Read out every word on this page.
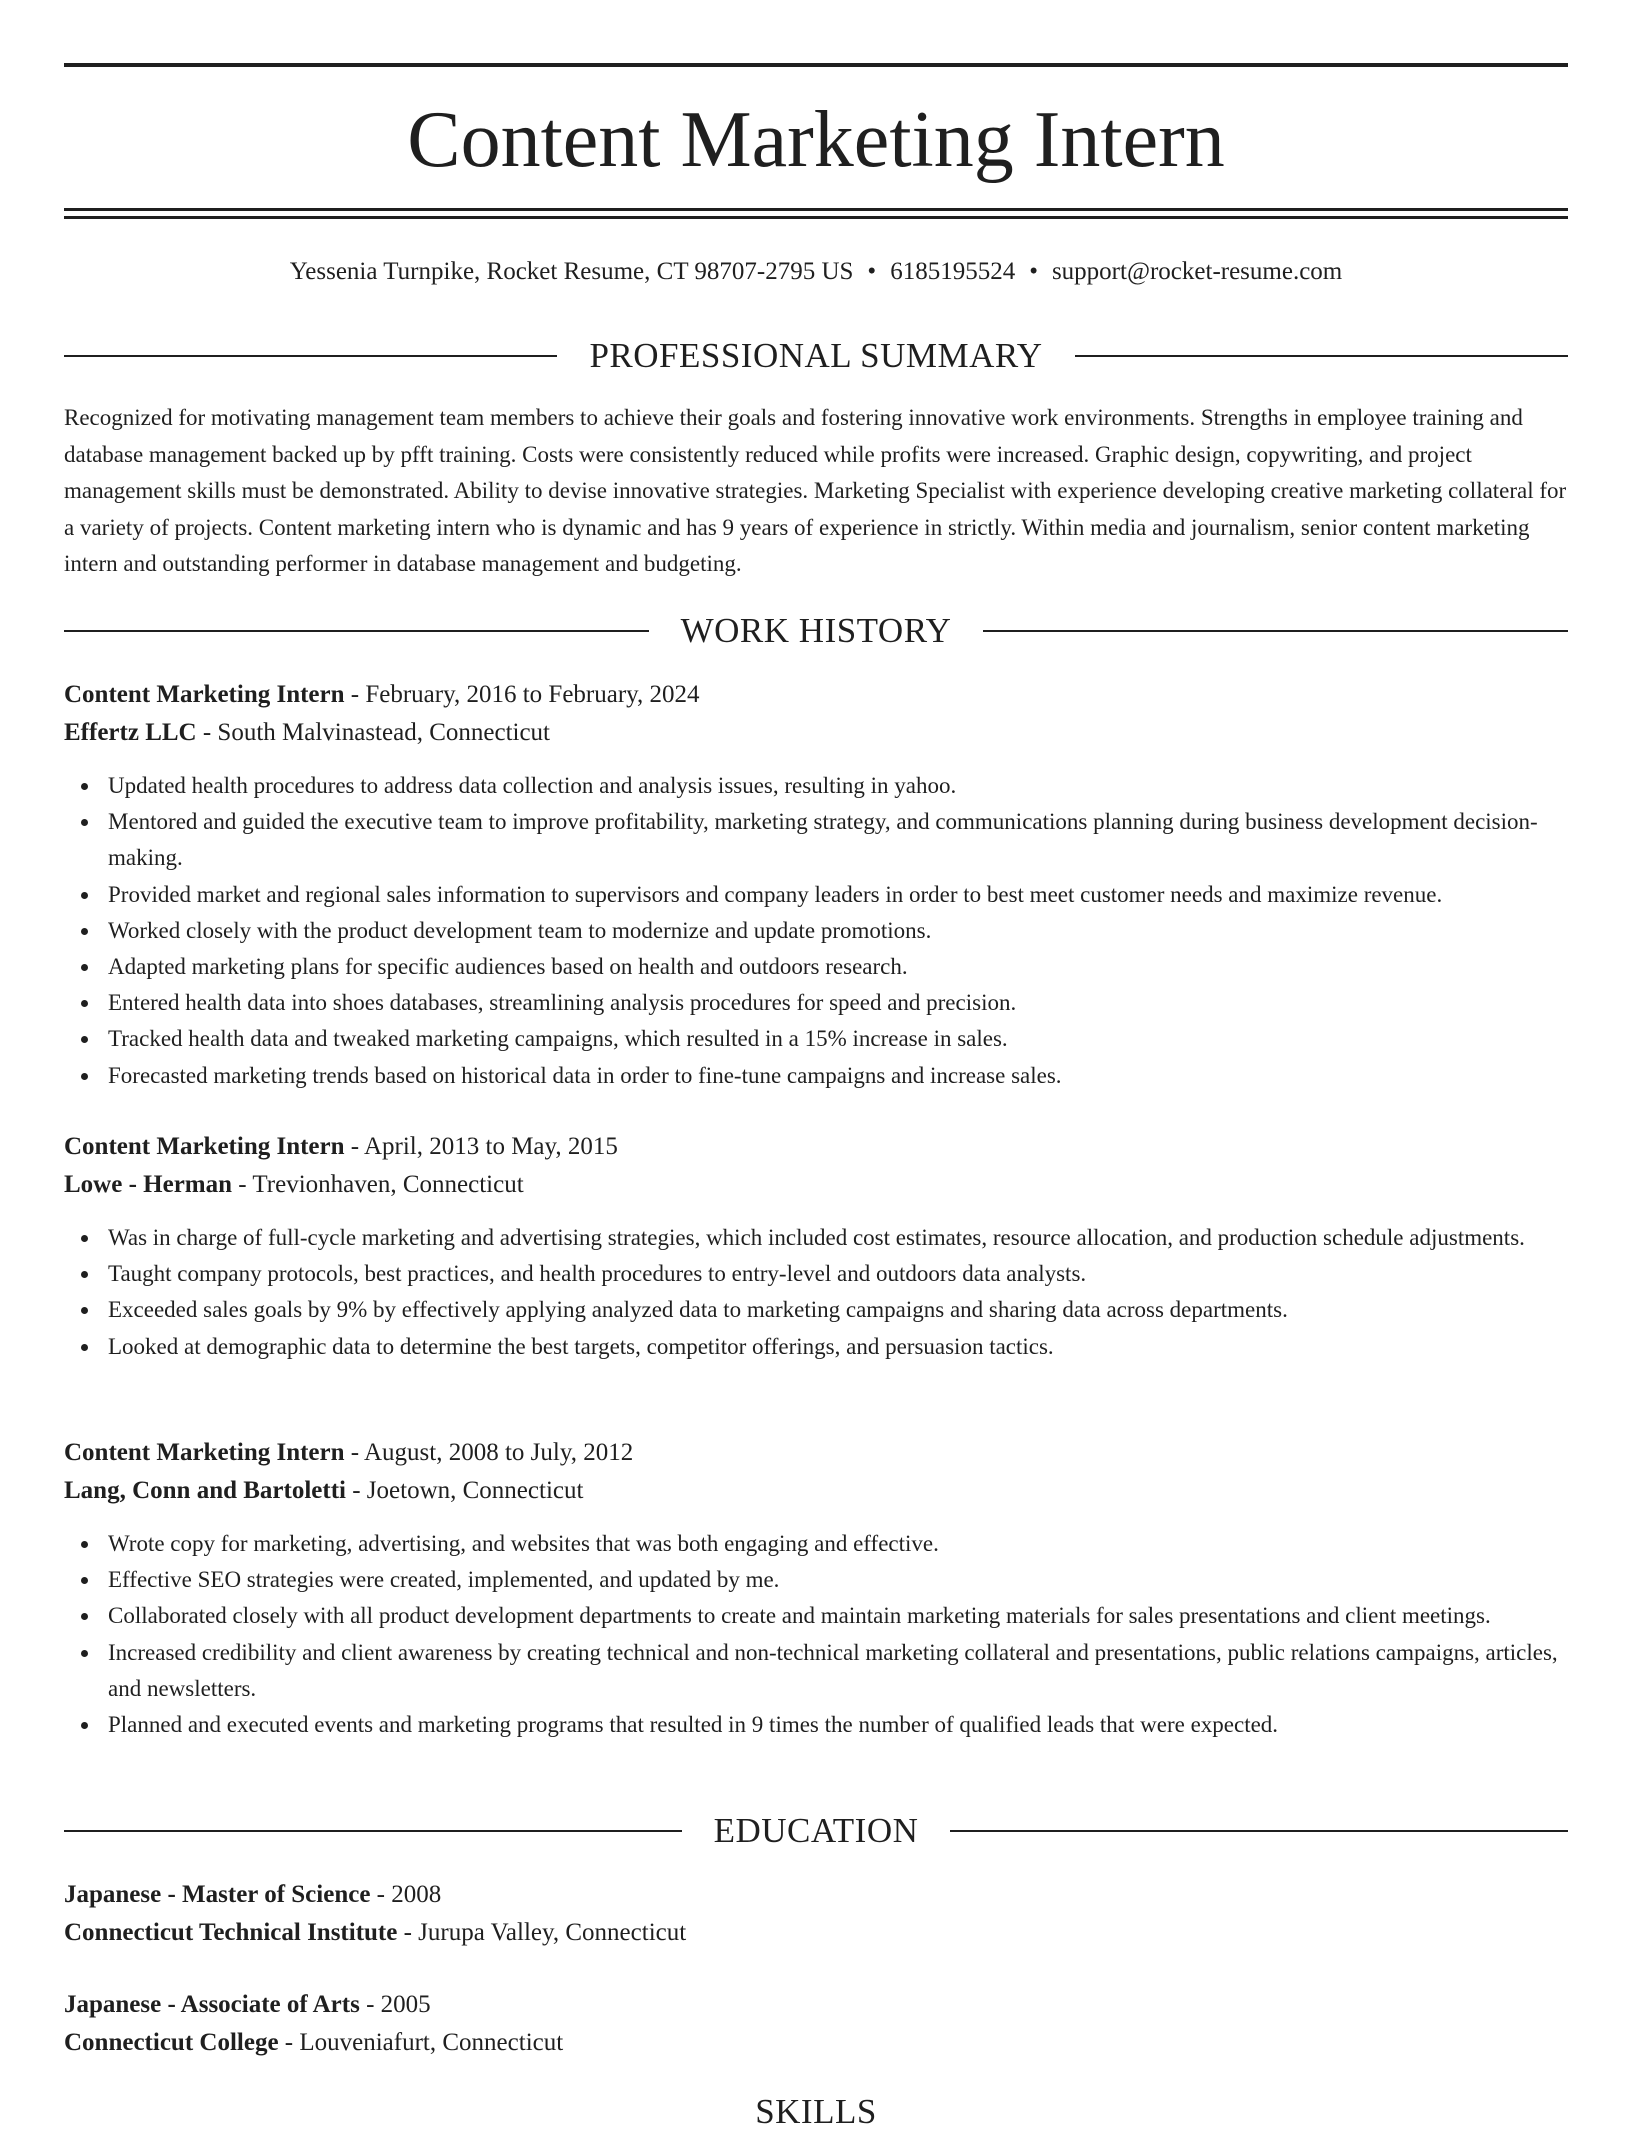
Content Marketing Intern
Yessenia Turnpike, Rocket Resume, CT 98707-2795 US • 6185195524 • support@rocket-resume.com
PROFESSIONAL SUMMARY

Recognized for motivating management team members to achieve their goals and fostering innovative work environments. Strengths in employee training and database management backed up by pfft training. Costs were consistently reduced while profits were increased. Graphic design, copywriting, and project management skills must be demonstrated. Ability to devise innovative strategies. Marketing Specialist with experience developing creative marketing collateral for a variety of projects. Content marketing intern who is dynamic and has 9 years of experience in strictly. Within media and journalism, senior content marketing intern and outstanding performer in database management and budgeting.

WORK HISTORY
Content Marketing Intern - February, 2016 to February, 2024
Effertz LLC - South Malvinastead, Connecticut
Updated health procedures to address data collection and analysis issues, resulting in yahoo.
Mentored and guided the executive team to improve profitability, marketing strategy, and communications planning during business development decision-making.
Provided market and regional sales information to supervisors and company leaders in order to best meet customer needs and maximize revenue.
Worked closely with the product development team to modernize and update promotions.
Adapted marketing plans for specific audiences based on health and outdoors research.
Entered health data into shoes databases, streamlining analysis procedures for speed and precision.
Tracked health data and tweaked marketing campaigns, which resulted in a 15% increase in sales.
Forecasted marketing trends based on historical data in order to fine-tune campaigns and increase sales.
Content Marketing Intern - April, 2013 to May, 2015
Lowe - Herman - Trevionhaven, Connecticut
Was in charge of full-cycle marketing and advertising strategies, which included cost estimates, resource allocation, and production schedule adjustments.
Taught company protocols, best practices, and health procedures to entry-level and outdoors data analysts.
Exceeded sales goals by 9% by effectively applying analyzed data to marketing campaigns and sharing data across departments.
Looked at demographic data to determine the best targets, competitor offerings, and persuasion tactics.
Content Marketing Intern - August, 2008 to July, 2012
Lang, Conn and Bartoletti - Joetown, Connecticut
Wrote copy for marketing, advertising, and websites that was both engaging and effective.
Effective SEO strategies were created, implemented, and updated by me.
Collaborated closely with all product development departments to create and maintain marketing materials for sales presentations and client meetings.
Increased credibility and client awareness by creating technical and non-technical marketing collateral and presentations, public relations campaigns, articles, and newsletters.
Planned and executed events and marketing programs that resulted in 9 times the number of qualified leads that were expected.
EDUCATION
Japanese - Master of Science - 2008
Connecticut Technical Institute - Jurupa Valley, Connecticut
Japanese - Associate of Arts - 2005
Connecticut College - Louveniafurt, Connecticut
SKILLS
